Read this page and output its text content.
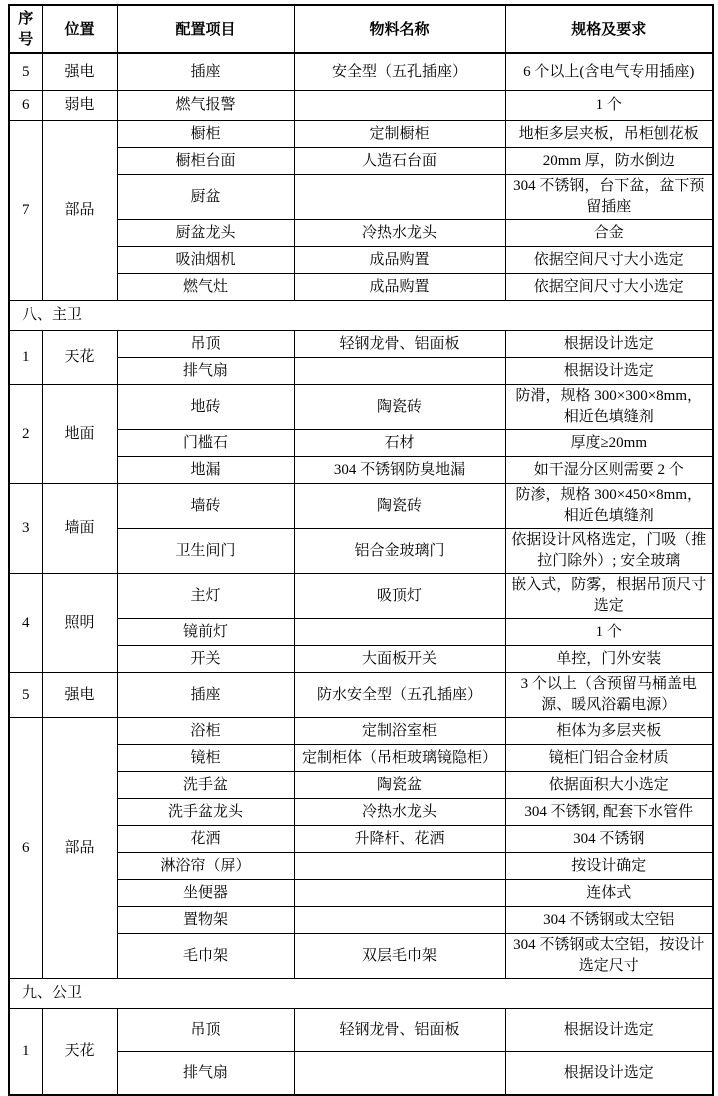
序号	位置	配置项目	物料名称	规格及要求
5	强电	插座	安全型（五孔插座）	6 个以上(含电气专用插座)
6	弱电	燃气报警		1 个
7	部品	橱柜	定制橱柜	地柜多层夹板，吊柜刨花板
		橱柜台面	人造石台面	20mm 厚，防水倒边
		厨盆		304 不锈钢，台下盆，盆下预留插座
		厨盆龙头	冷热水龙头	合金
		吸油烟机	成品购置	依据空间尺寸大小选定
		燃气灶	成品购置	依据空间尺寸大小选定
八、主卫				
1	天花	吊顶	轻钢龙骨、铝面板	根据设计选定
		排气扇		根据设计选定
2	地面	地砖	陶瓷砖	防滑，规格 300×300×8mm，相近色填缝剂
		门槛石	石材	厚度≥20mm
		地漏	304 不锈钢防臭地漏	如干湿分区则需要 2 个
3	墙面	墙砖	陶瓷砖	防渗，规格 300×450×8mm，相近色填缝剂
		卫生间门	铝合金玻璃门	依据设计风格选定，门吸（推拉门除外）; 安全玻璃
4	照明	主灯	吸顶灯	嵌入式，防雾，根据吊顶尺寸选定
		镜前灯		1 个
		开关	大面板开关	单控，门外安装
5	强电	插座	防水安全型（五孔插座）	3 个以上（含预留马桶盖电源、暖风浴霸电源）
6	部品	浴柜	定制浴室柜	柜体为多层夹板
		镜柜	定制柜体（吊柜玻璃镜隐柜）	镜柜门铝合金材质
		洗手盆	陶瓷盆	依据面积大小选定
		洗手盆龙头	冷热水龙头	304 不锈钢, 配套下水管件
		花洒	升降杆、花洒	304 不锈钢
		淋浴帘（屏）		按设计确定
		坐便器		连体式
		置物架		304 不锈钢或太空铝
		毛巾架	双层毛巾架	304 不锈钢或太空铝，按设计选定尺寸
九、公卫				
1	天花	吊顶	轻钢龙骨、铝面板	根据设计选定
		排气扇		根据设计选定
